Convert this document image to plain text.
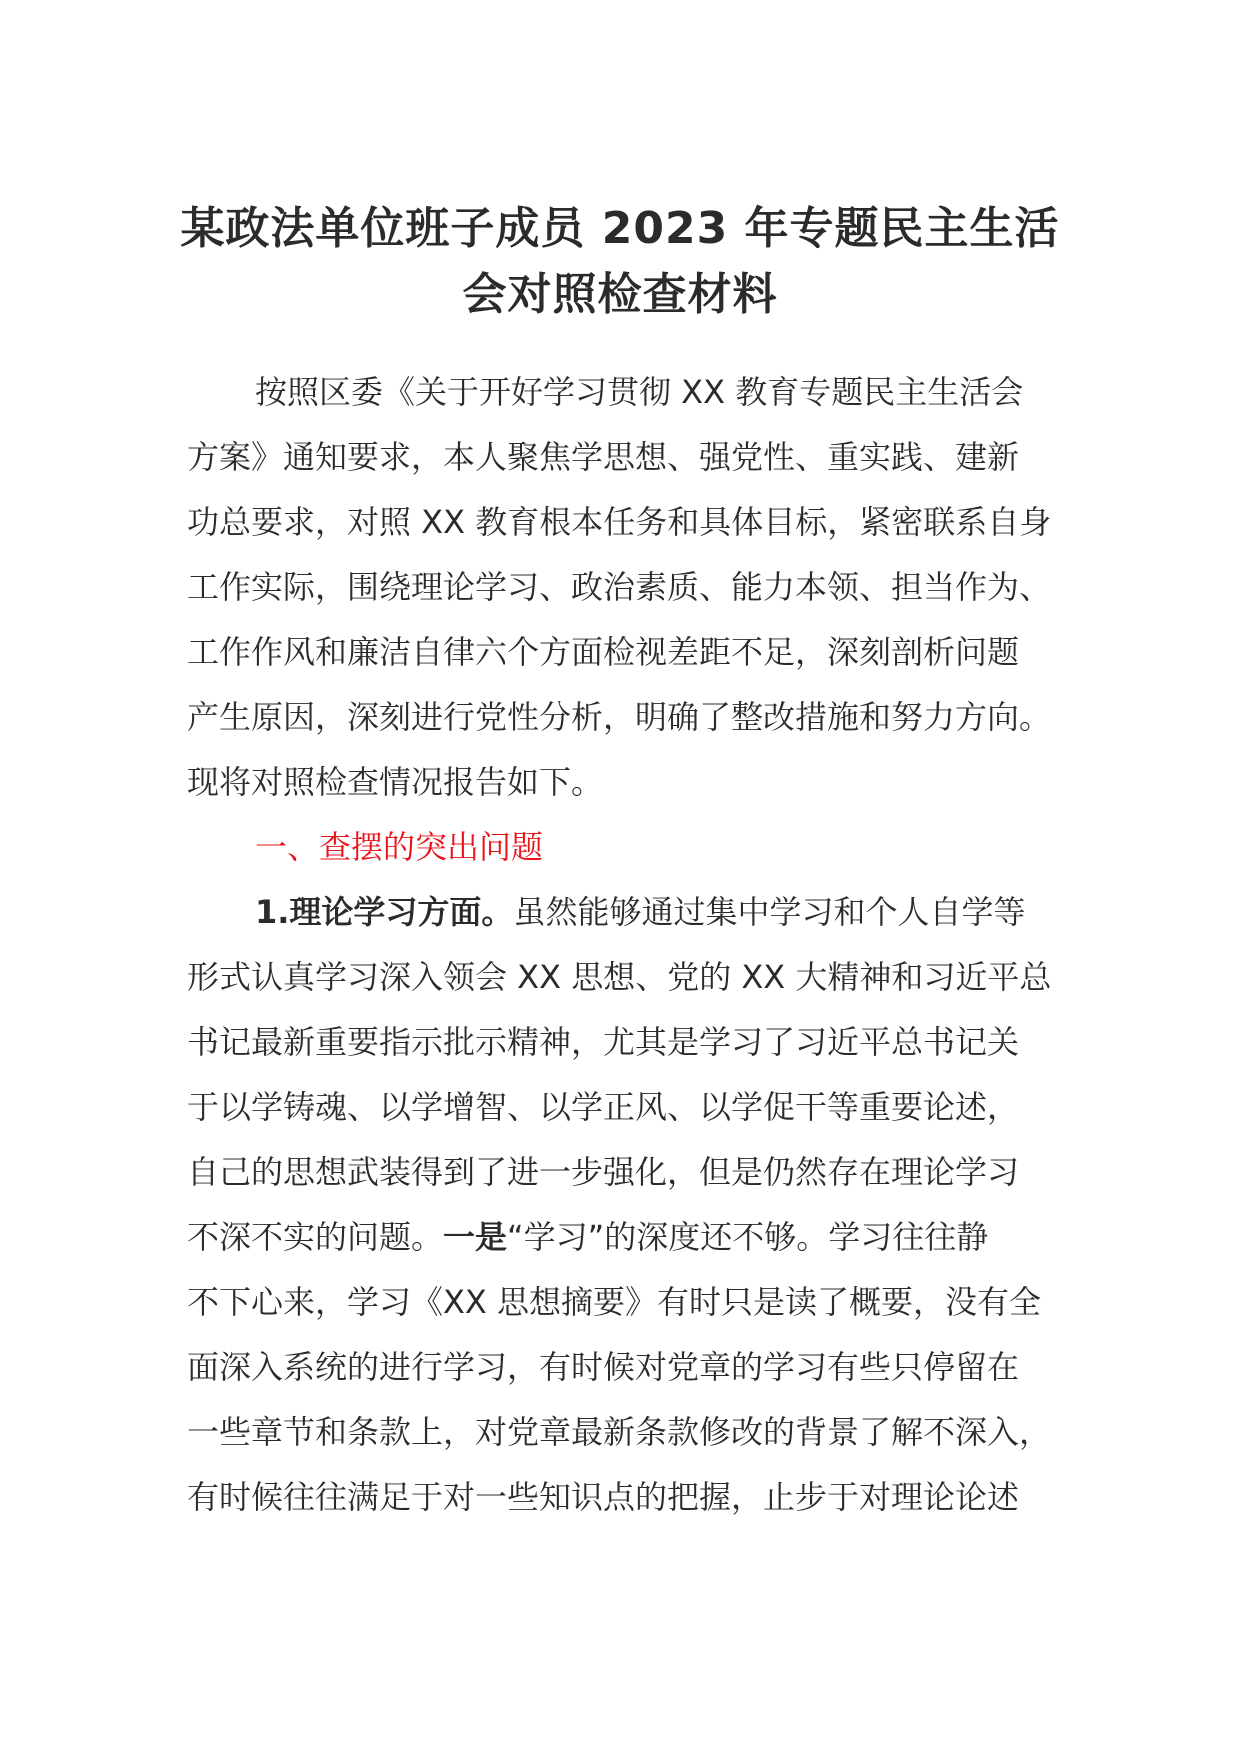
某政法单位班子成员 2023 年专题民主生活
会对照检查材料
按照区委《关于开好学习贯彻 XX 教育专题民主生活会
方案》通知要求，本人聚焦学思想、强党性、重实践、建新
功总要求，对照 XX 教育根本任务和具体目标，紧密联系自身
工作实际，围绕理论学习、政治素质、能力本领、担当作为、
工作作风和廉洁自律六个方面检视差距不足，深刻剖析问题
产生原因，深刻进行党性分析，明确了整改措施和努力方向。
现将对照检查情况报告如下。
一、查摆的突出问题
1.理论学习方面。虽然能够通过集中学习和个人自学等
形式认真学习深入领会 XX 思想、党的 XX 大精神和习近平总
书记最新重要指示批示精神，尤其是学习了习近平总书记关
于以学铸魂、以学增智、以学正风、以学促干等重要论述，
自己的思想武装得到了进一步强化，但是仍然存在理论学习
不深不实的问题。一是“学习”的深度还不够。学习往往静
不下心来，学习《XX 思想摘要》有时只是读了概要，没有全
面深入系统的进行学习，有时候对党章的学习有些只停留在
一些章节和条款上，对党章最新条款修改的背景了解不深入，
有时候往往满足于对一些知识点的把握，止步于对理论论述
